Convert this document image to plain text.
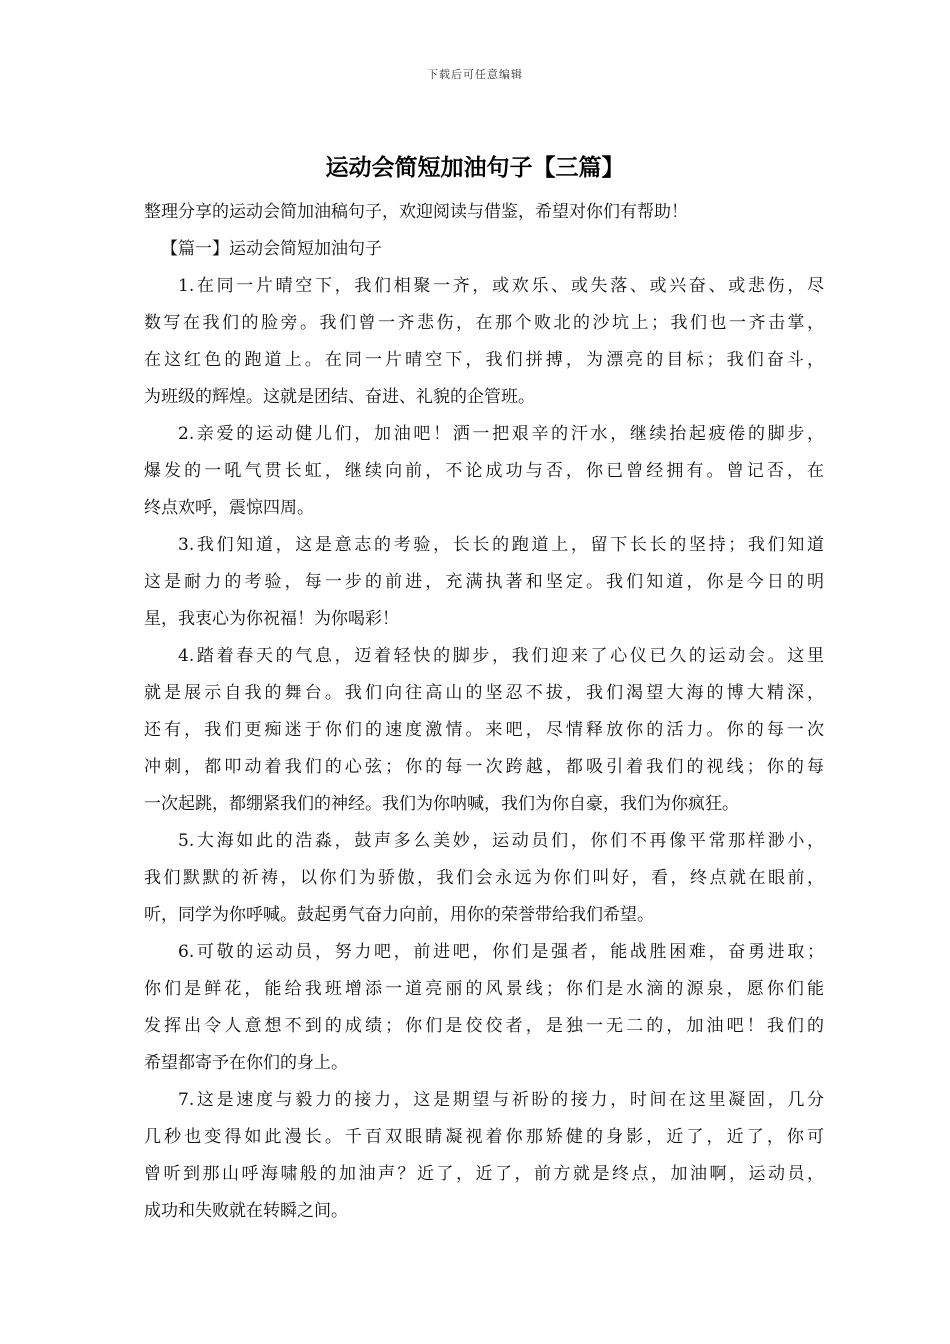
下载后可任意编辑
运动会简短加油句子【三篇】

整理分享的运动会简加油稿句子，欢迎阅读与借鉴，希望对你们有帮助！

【篇一】运动会简短加油句子

1.在同一片晴空下，我们相聚一齐，或欢乐、或失落、或兴奋、或悲伤，尽

数写在我们的脸旁。我们曾一齐悲伤，在那个败北的沙坑上；我们也一齐击掌，

在这红色的跑道上。在同一片晴空下，我们拼搏，为漂亮的目标；我们奋斗，

为班级的辉煌。这就是团结、奋进、礼貌的企管班。

2.亲爱的运动健儿们，加油吧！洒一把艰辛的汗水，继续抬起疲倦的脚步，

爆发的一吼气贯长虹，继续向前，不论成功与否，你已曾经拥有。曾记否，在

终点欢呼，震惊四周。

3.我们知道，这是意志的考验，长长的跑道上，留下长长的坚持；我们知道

这是耐力的考验，每一步的前进，充满执著和坚定。我们知道，你是今日的明

星，我衷心为你祝福！为你喝彩！

4.踏着春天的气息，迈着轻快的脚步，我们迎来了心仪已久的运动会。这里

就是展示自我的舞台。我们向往高山的坚忍不拔，我们渴望大海的博大精深，

还有，我们更痴迷于你们的速度激情。来吧，尽情释放你的活力。你的每一次

冲刺，都叩动着我们的心弦；你的每一次跨越，都吸引着我们的视线；你的每

一次起跳，都绷紧我们的神经。我们为你呐喊，我们为你自豪，我们为你疯狂。

5.大海如此的浩淼，鼓声多么美妙，运动员们，你们不再像平常那样渺小，

我们默默的祈祷，以你们为骄傲，我们会永远为你们叫好，看，终点就在眼前，

听，同学为你呼喊。鼓起勇气奋力向前，用你的荣誉带给我们希望。

6.可敬的运动员，努力吧，前进吧，你们是强者，能战胜困难，奋勇进取；

你们是鲜花，能给我班增添一道亮丽的风景线；你们是水滴的源泉，愿你们能

发挥出令人意想不到的成绩；你们是佼佼者，是独一无二的，加油吧！我们的

希望都寄予在你们的身上。

7.这是速度与毅力的接力，这是期望与祈盼的接力，时间在这里凝固，几分

几秒也变得如此漫长。千百双眼睛凝视着你那矫健的身影，近了，近了，你可

曾听到那山呼海啸般的加油声？近了，近了，前方就是终点，加油啊，运动员，

成功和失败就在转瞬之间。
